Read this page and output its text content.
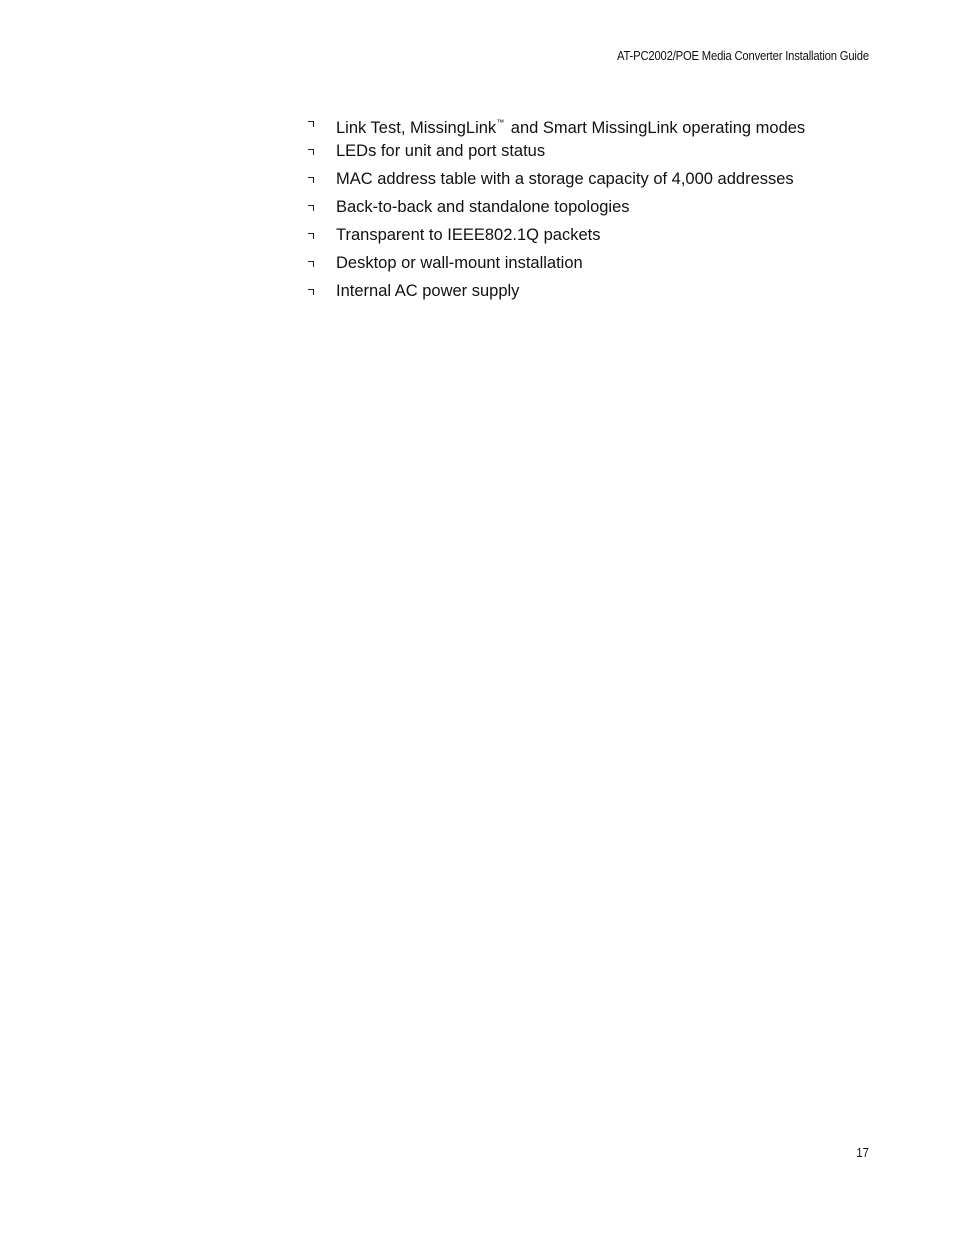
AT-PC2002/POE Media Converter Installation Guide
Link Test, MissingLink™ and Smart MissingLink operating modes
LEDs for unit and port status
MAC address table with a storage capacity of 4,000 addresses
Back-to-back and standalone topologies
Transparent to IEEE802.1Q packets
Desktop or wall-mount installation
Internal AC power supply
17
